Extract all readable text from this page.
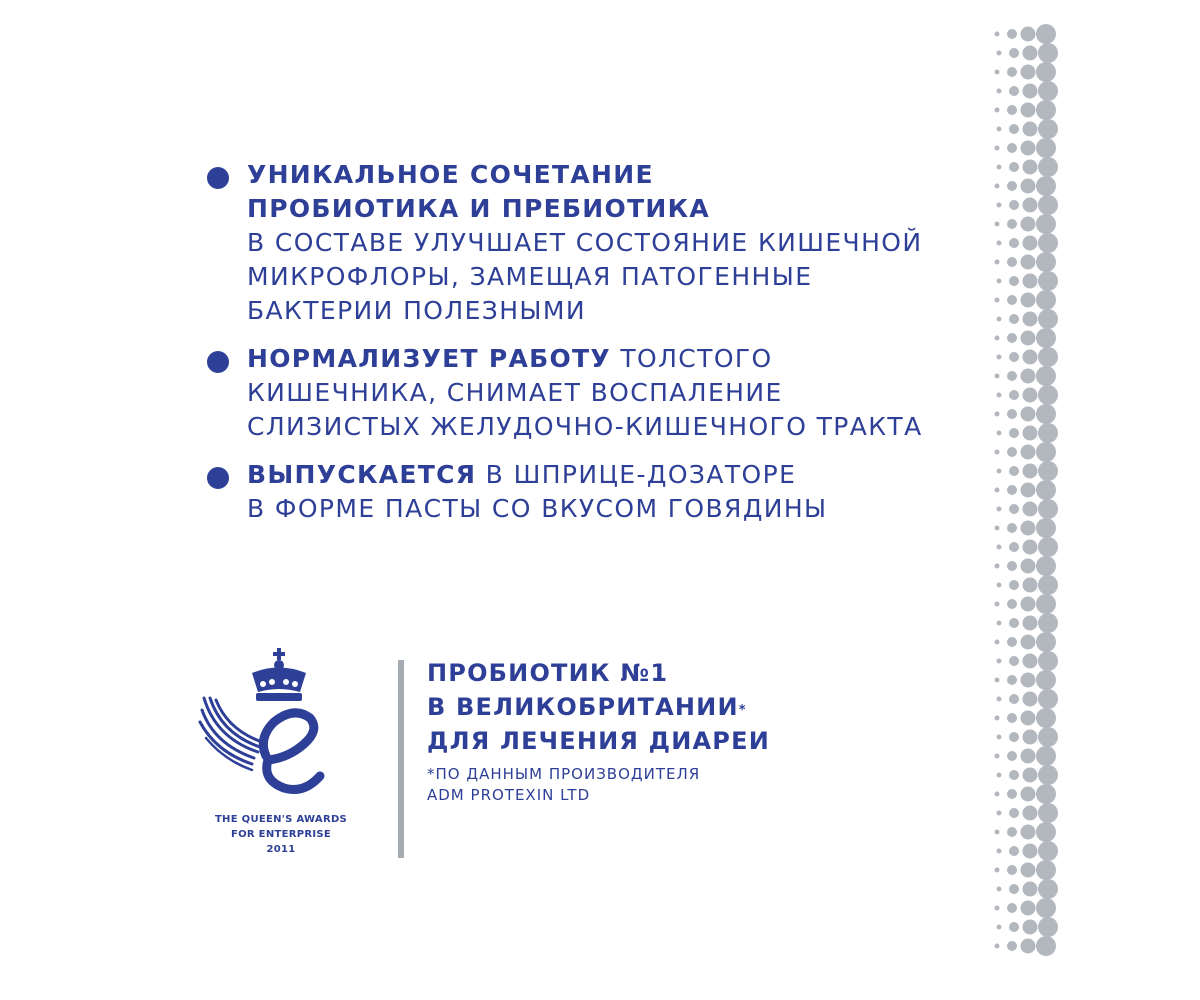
УНИКАЛЬНОЕ СОЧЕТАНИЕ
ПРОБИОТИКА И ПРЕБИОТИКА
В СОСТАВЕ УЛУЧШАЕТ СОСТОЯНИЕ КИШЕЧНОЙ
МИКРОФЛОРЫ, ЗАМЕЩАЯ ПАТОГЕННЫЕ
БАКТЕРИИ ПОЛЕЗНЫМИ
НОРМАЛИЗУЕТ РАБОТУ ТОЛСТОГО
КИШЕЧНИКА, СНИМАЕТ ВОСПАЛЕНИЕ
СЛИЗИСТЫХ ЖЕЛУДОЧНО-КИШЕЧНОГО ТРАКТА
ВЫПУСКАЕТСЯ В ШПРИЦЕ-ДОЗАТОРЕ
В ФОРМЕ ПАСТЫ СО ВКУСОМ ГОВЯДИНЫ
THE QUEEN'S AWARDS
FOR ENTERPRISE
2011
ПРОБИОТИК №1
В ВЕЛИКОБРИТАНИИ*
ДЛЯ ЛЕЧЕНИЯ ДИАРЕИ
*ПО ДАННЫМ ПРОИЗВОДИТЕЛЯ
ADM PROTEXIN LTD
